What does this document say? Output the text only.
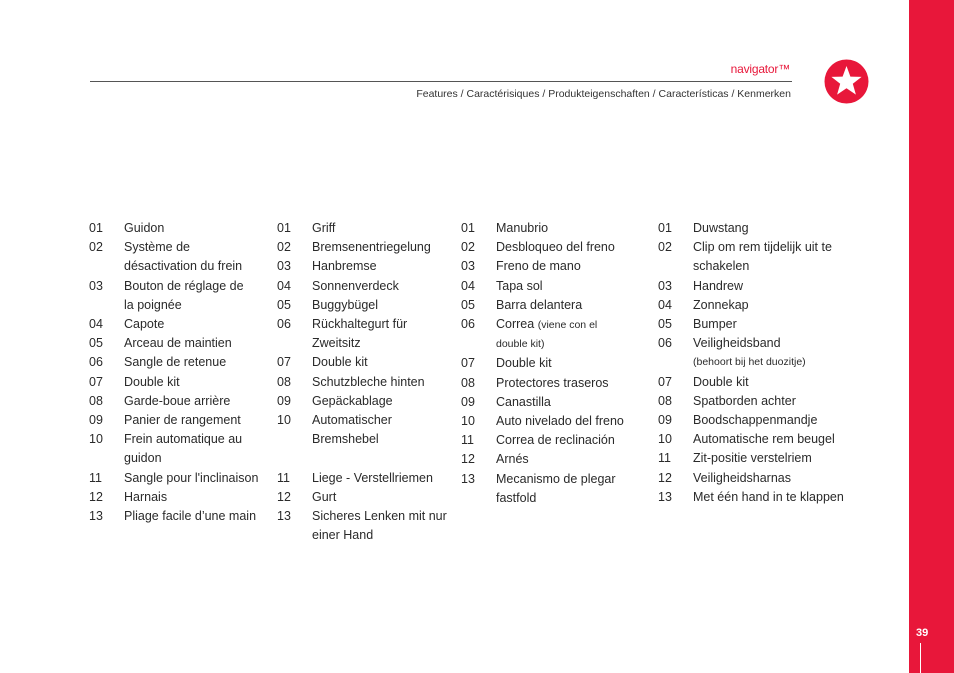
39
navigator™
Features / Caractérisiques / Produkteigenschaften / Características / Kenmerken
01 Guidon
02 Système de
désactivation du frein
03 Bouton de réglage de
la poignée
04 Capote
05 Arceau de maintien
06 Sangle de retenue
07 Double kit
08 Garde-boue arrière
09 Panier de rangement
10 Frein automatique au
guidon
11 Sangle pour l'inclinaison
12 Harnais
13 Pliage facile d’une main
01 Griff
02 Bremsenentriegelung
03 Hanbremse
04 Sonnenverdeck
05 Buggybügel
06 Rückhaltegurt für
Zweitsitz
07 Double kit
08 Schutzbleche hinten
09 Gepäckablage
10 Automatischer
Bremshebel
11 Liege - Verstellriemen
12 Gurt
13 Sicheres Lenken mit nur
einer Hand
01 Manubrio
02 Desbloqueo del freno
03 Freno de mano
04 Tapa sol
05 Barra delantera
06 Correa (viene con el
double kit)
07 Double kit
08 Protectores traseros
09 Canastilla
10 Auto nivelado del freno
11 Correa de reclinación
12 Arnés
13 Mecanismo de plegar
fastfold
01 Duwstang
02 Clip om rem tijdelijk uit te
schakelen
03 Handrew
04 Zonnekap
05 Bumper
06 Veiligheidsband
(behoort bij het duozitje)
07 Double kit
08 Spatborden achter
09 Boodschappenmandje
10 Automatische rem beugel
11 Zit-positie verstelriem
12 Veiligheidsharnas
13 Met één hand in te klappen
